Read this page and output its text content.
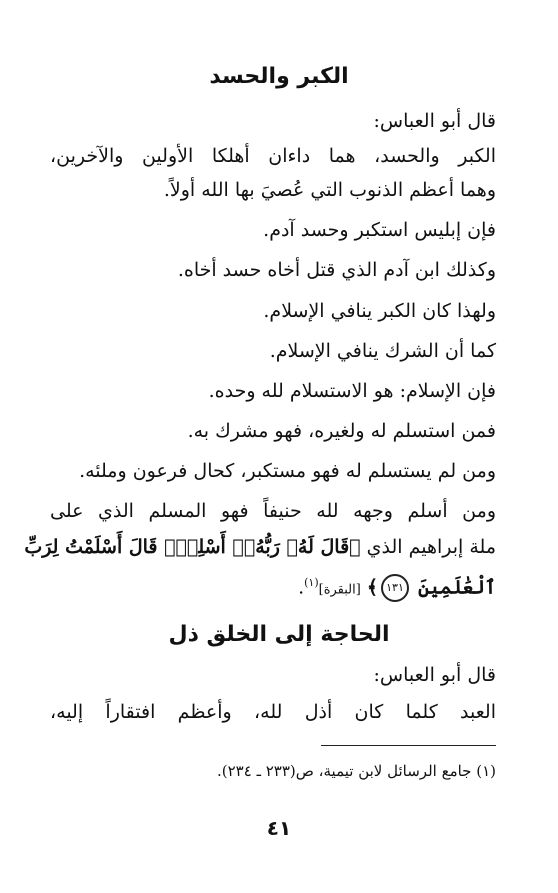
الكبر والحسد

قال أبو العباس:

الكبر والحسد، هما داءان أهلكا الأولين والآخرين،

وهما أعظم الذنوب التي عُصيَ بها الله أولاً.

فإن إبليس استكبر وحسد آدم.

وكذلك ابن آدم الذي قتل أخاه حسد أخاه.

ولهذا كان الكبر ينافي الإسلام.

كما أن الشرك ينافي الإسلام.

فإن الإسلام: هو الاستسلام لله وحده.

فمن استسلم له ولغيره، فهو مشرك به.

ومن لم يستسلم له فهو مستكبر، كحال فرعون وملئه.

ومن أسلم وجهه لله حنيفاً فهو المسلم الذي على

ملة إبراهيم الذي ﴿قَالَ لَهُۥ رَبُّهُۥٓ أَسْلِمْۖ قَالَ أَسْلَمْتُ لِرَبِّ

ٱلْعَٰلَمِينَ ١٣١﴾ [البقرة]$^{(١)}$.

الحاجة إلى الخلق ذل

قال أبو العباس:

العبد كلما كان أذل لله، وأعظم افتقاراً إليه،

(١) جامع الرسائل لابن تيمية، ص(٢٣٣ ـ ٢٣٤).

٤١
